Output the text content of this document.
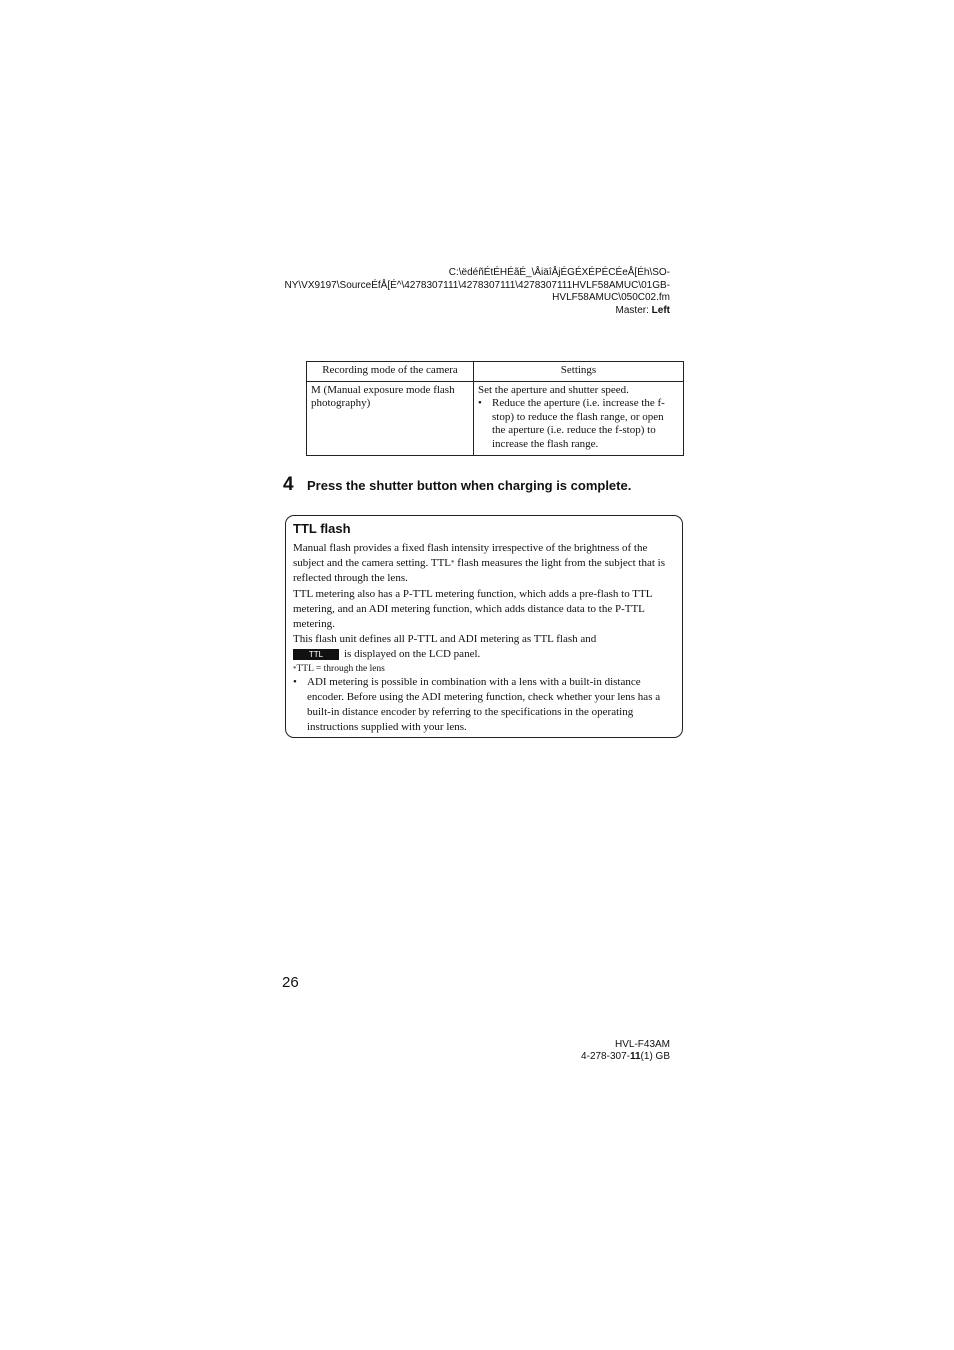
C:\ëdéñÉtÉHÉãÉ_\ÅiäîÅjÉGÉXÉPÉCÉeÅ[Éh\SO-
NY\VX9197\SourceÉfÅ[É^\4278307111\4278307111\4278307111HVLF58AMUC\01GB-
HVLF58AMUC\050C02.fm
Master: Left
Recording mode of the camera	Settings
M (Manual exposure mode flash photography)	Set the aperture and shutter speed.
• Reduce the aperture (i.e. increase the f-stop) to reduce the flash range, or open the aperture (i.e. reduce the f-stop) to increase the flash range.
4	Press the shutter button when charging is complete.
TTL flash
Manual flash provides a fixed flash intensity irrespective of the brightness of the subject and the camera setting. TTL* flash measures the light from the subject that is reflected through the lens.
TTL metering also has a P-TTL metering function, which adds a pre-flash to TTL metering, and an ADI metering function, which adds distance data to the P-TTL metering.
This flash unit defines all P-TTL and ADI metering as TTL flash and
TTL is displayed on the LCD panel.
*TTL = through the lens
• ADI metering is possible in combination with a lens with a built-in distance encoder. Before using the ADI metering function, check whether your lens has a built-in distance encoder by referring to the specifications in the operating instructions supplied with your lens.
26
HVL-F43AM
4-278-307-11(1) GB
